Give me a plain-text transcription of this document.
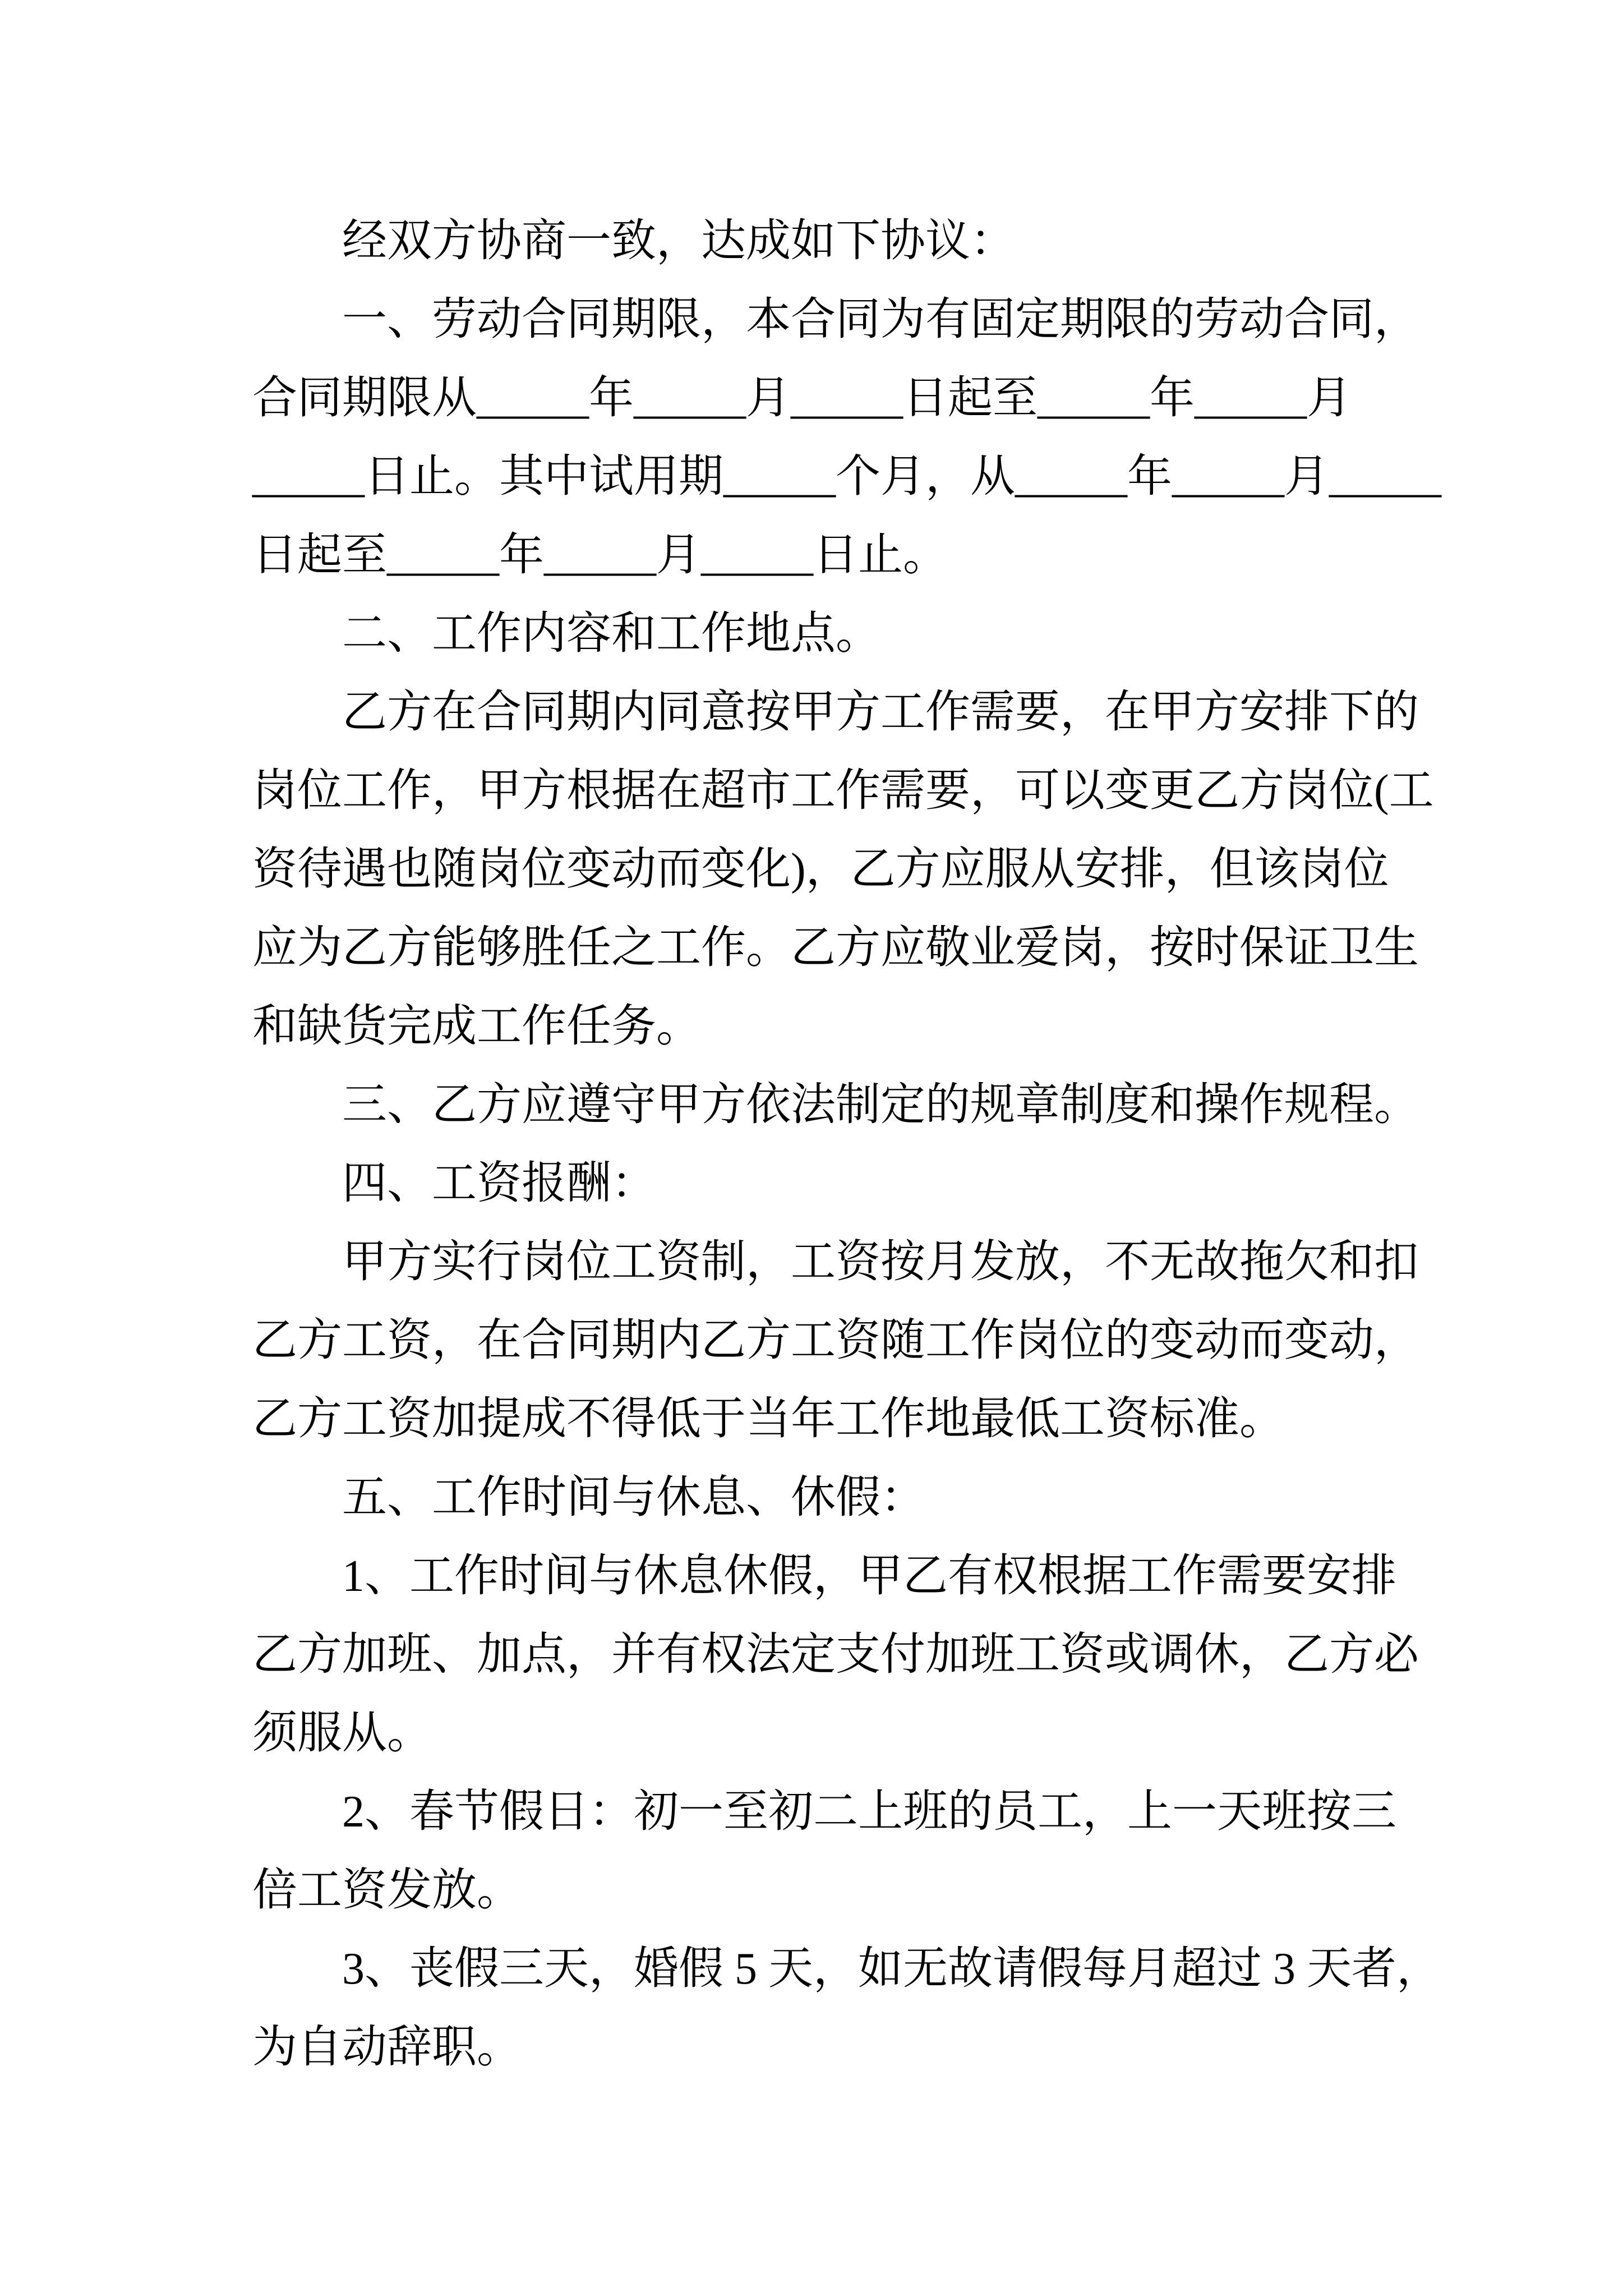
经双方协商一致，达成如下协议：
一、劳动合同期限，本合同为有固定期限的劳动合同，
合同期限从_____年_____月_____日起至_____年_____月
_____日止。其中试用期_____个月，从_____年_____月_____
日起至_____年_____月_____日止。
二、工作内容和工作地点。
乙方在合同期内同意按甲方工作需要，在甲方安排下的
岗位工作，甲方根据在超市工作需要，可以变更乙方岗位(工
资待遇也随岗位变动而变化)，乙方应服从安排，但该岗位
应为乙方能够胜任之工作。乙方应敬业爱岗，按时保证卫生
和缺货完成工作任务。
三、乙方应遵守甲方依法制定的规章制度和操作规程。
四、工资报酬：
甲方实行岗位工资制，工资按月发放，不无故拖欠和扣
乙方工资，在合同期内乙方工资随工作岗位的变动而变动，
乙方工资加提成不得低于当年工作地最低工资标准。
五、工作时间与休息、休假：
1、工作时间与休息休假，甲乙有权根据工作需要安排
乙方加班、加点，并有权法定支付加班工资或调休，乙方必
须服从。
2、春节假日：初一至初二上班的员工，上一天班按三
倍工资发放。
3、丧假三天，婚假 5 天，如无故请假每月超过 3 天者，
为自动辞职。
